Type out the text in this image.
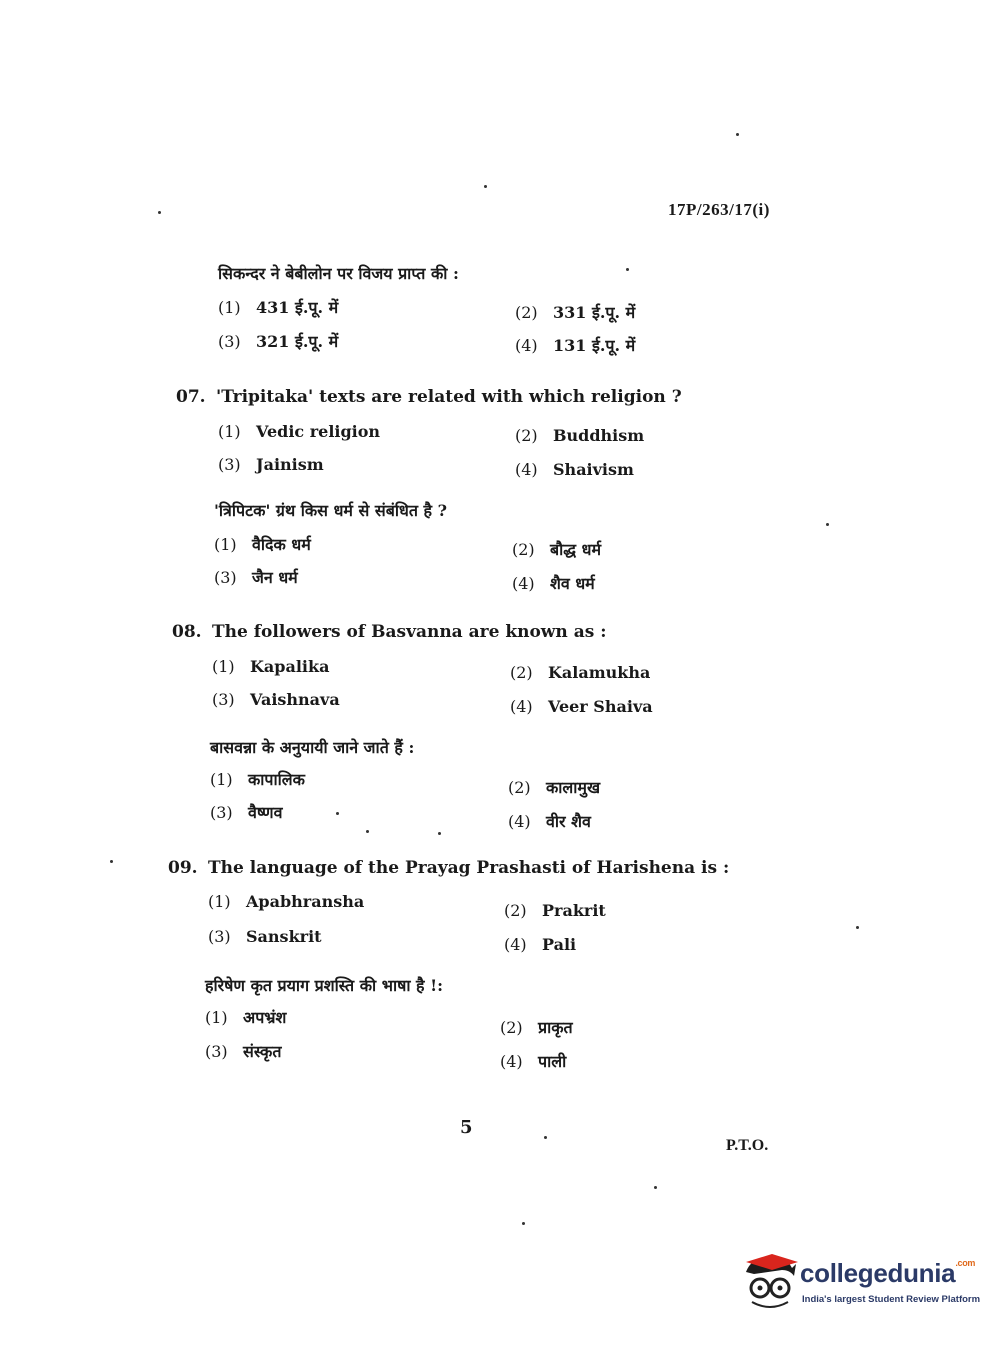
17P/263/17(i)
सिकन्दर ने बेबीलोन पर विजय प्राप्त की :
(1) 431 ई.पू. में	(2) 331 ई.पू. में
(3) 321 ई.पू. में	(4) 131 ई.पू. में
07. 'Tripitaka' texts are related with which religion ?
(1) Vedic religion	(2) Buddhism
(3) Jainism	(4) Shaivism
'त्रिपिटक' ग्रंथ किस धर्म से संबंधित है ?
(1) वैदिक धर्म	(2) बौद्ध धर्म
(3) जैन धर्म	(4) शैव धर्म
08. The followers of Basvanna are known as :
(1) Kapalika	(2) Kalamukha
(3) Vaishnava	(4) Veer Shaiva
बासवन्ना के अनुयायी जाने जाते हैं :
(1) कापालिक	(2) कालामुख
(3) वैष्णव	(4) वीर शैव
09. The language of the Prayag Prashasti of Harishena is :
(1) Apabhransha	(2) Prakrit
(3) Sanskrit	(4) Pali
हरिषेण कृत प्रयाग प्रशस्ति की भाषा है !:
(1) अपभ्रंश
(2) प्राकृत
(3) संस्कृत
(4) पाली
5
P.T.O.
collegedunia$^{.com}$
India's largest Student Review Platform
